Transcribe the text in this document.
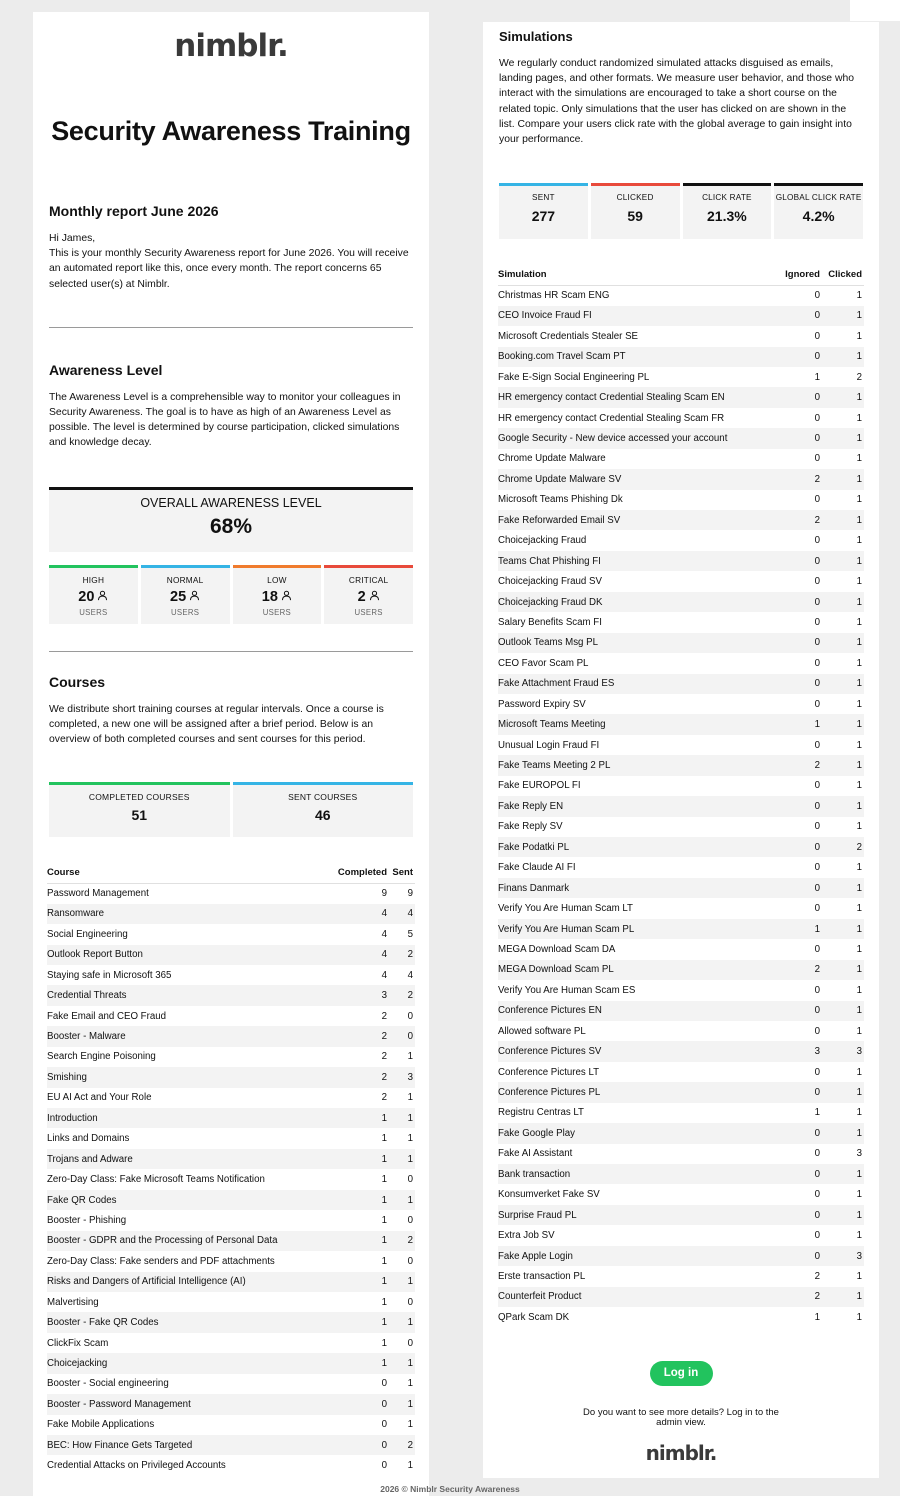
nimblr.
Security Awareness Training
Monthly report June 2026

Hi James,

This is your monthly Security Awareness report for June 2026. You will receive an automated report like this, once every month. The report concerns 65 selected user(s) at Nimblr.

Awareness Level

The Awareness Level is a comprehensible way to monitor your colleagues in Security Awareness. The goal is to have as high of an Awareness Level as possible. The level is determined by course participation, clicked simulations and knowledge decay.

OVERALL AWARENESS LEVEL
68%
HIGH
20
USERS
NORMAL
25
USERS
LOW
18
USERS
CRITICAL
2
USERS
Courses

We distribute short training courses at regular intervals. Once a course is completed, a new one will be assigned after a brief period. Below is an overview of both completed courses and sent courses for this period.

COMPLETED COURSES
51
SENT COURSES
46
Course	Completed	Sent
Password Management	9	9
Ransomware	4	4
Social Engineering	4	5
Outlook Report Button	4	2
Staying safe in Microsoft 365	4	4
Credential Threats	3	2
Fake Email and CEO Fraud	2	0
Booster - Malware	2	0
Search Engine Poisoning	2	1
Smishing	2	3
EU AI Act and Your Role	2	1
Introduction	1	1
Links and Domains	1	1
Trojans and Adware	1	1
Zero-Day Class: Fake Microsoft Teams Notification	1	0
Fake QR Codes	1	1
Booster - Phishing	1	0
Booster - GDPR and the Processing of Personal Data	1	2
Zero-Day Class: Fake senders and PDF attachments	1	0
Risks and Dangers of Artificial Intelligence (AI)	1	1
Malvertising	1	0
Booster - Fake QR Codes	1	1
ClickFix Scam	1	0
Choicejacking	1	1
Booster - Social engineering	0	1
Booster - Password Management	0	1
Fake Mobile Applications	0	1
BEC: How Finance Gets Targeted	0	2
Credential Attacks on Privileged Accounts	0	1
Simulations

We regularly conduct randomized simulated attacks disguised as emails, landing pages, and other formats. We measure user behavior, and those who interact with the simulations are encouraged to take a short course on the related topic. Only simulations that the user has clicked on are shown in the list. Compare your users click rate with the global average to gain insight into your performance.

SENT
277
CLICKED
59
CLICK RATE
21.3%
GLOBAL CLICK RATE
4.2%
Simulation	Ignored	Clicked
Christmas HR Scam ENG	0	1
CEO Invoice Fraud FI	0	1
Microsoft Credentials Stealer SE	0	1
Booking.com Travel Scam PT	0	1
Fake E-Sign Social Engineering PL	1	2
HR emergency contact Credential Stealing Scam EN	0	1
HR emergency contact Credential Stealing Scam FR	0	1
Google Security - New device accessed your account	0	1
Chrome Update Malware	0	1
Chrome Update Malware SV	2	1
Microsoft Teams Phishing Dk	0	1
Fake Reforwarded Email SV	2	1
Choicejacking Fraud	0	1
Teams Chat Phishing FI	0	1
Choicejacking Fraud SV	0	1
Choicejacking Fraud DK	0	1
Salary Benefits Scam FI	0	1
Outlook Teams Msg PL	0	1
CEO Favor Scam PL	0	1
Fake Attachment Fraud ES	0	1
Password Expiry SV	0	1
Microsoft Teams Meeting	1	1
Unusual Login Fraud FI	0	1
Fake Teams Meeting 2 PL	2	1
Fake EUROPOL FI	0	1
Fake Reply EN	0	1
Fake Reply SV	0	1
Fake Podatki PL	0	2
Fake Claude AI FI	0	1
Finans Danmark	0	1
Verify You Are Human Scam LT	0	1
Verify You Are Human Scam PL	1	1
MEGA Download Scam DA	0	1
MEGA Download Scam PL	2	1
Verify You Are Human Scam ES	0	1
Conference Pictures EN	0	1
Allowed software PL	0	1
Conference Pictures SV	3	3
Conference Pictures LT	0	1
Conference Pictures PL	0	1
Registru Centras LT	1	1
Fake Google Play	0	1
Fake AI Assistant	0	3
Bank transaction	0	1
Konsumverket Fake SV	0	1
Surprise Fraud PL	0	1
Extra Job SV	0	1
Fake Apple Login	0	3
Erste transaction PL	2	1
Counterfeit Product	2	1
QPark Scam DK	1	1
Log in

Do you want to see more details? Log in to the admin view.

nimblr.
2026 © Nimblr Security Awareness
